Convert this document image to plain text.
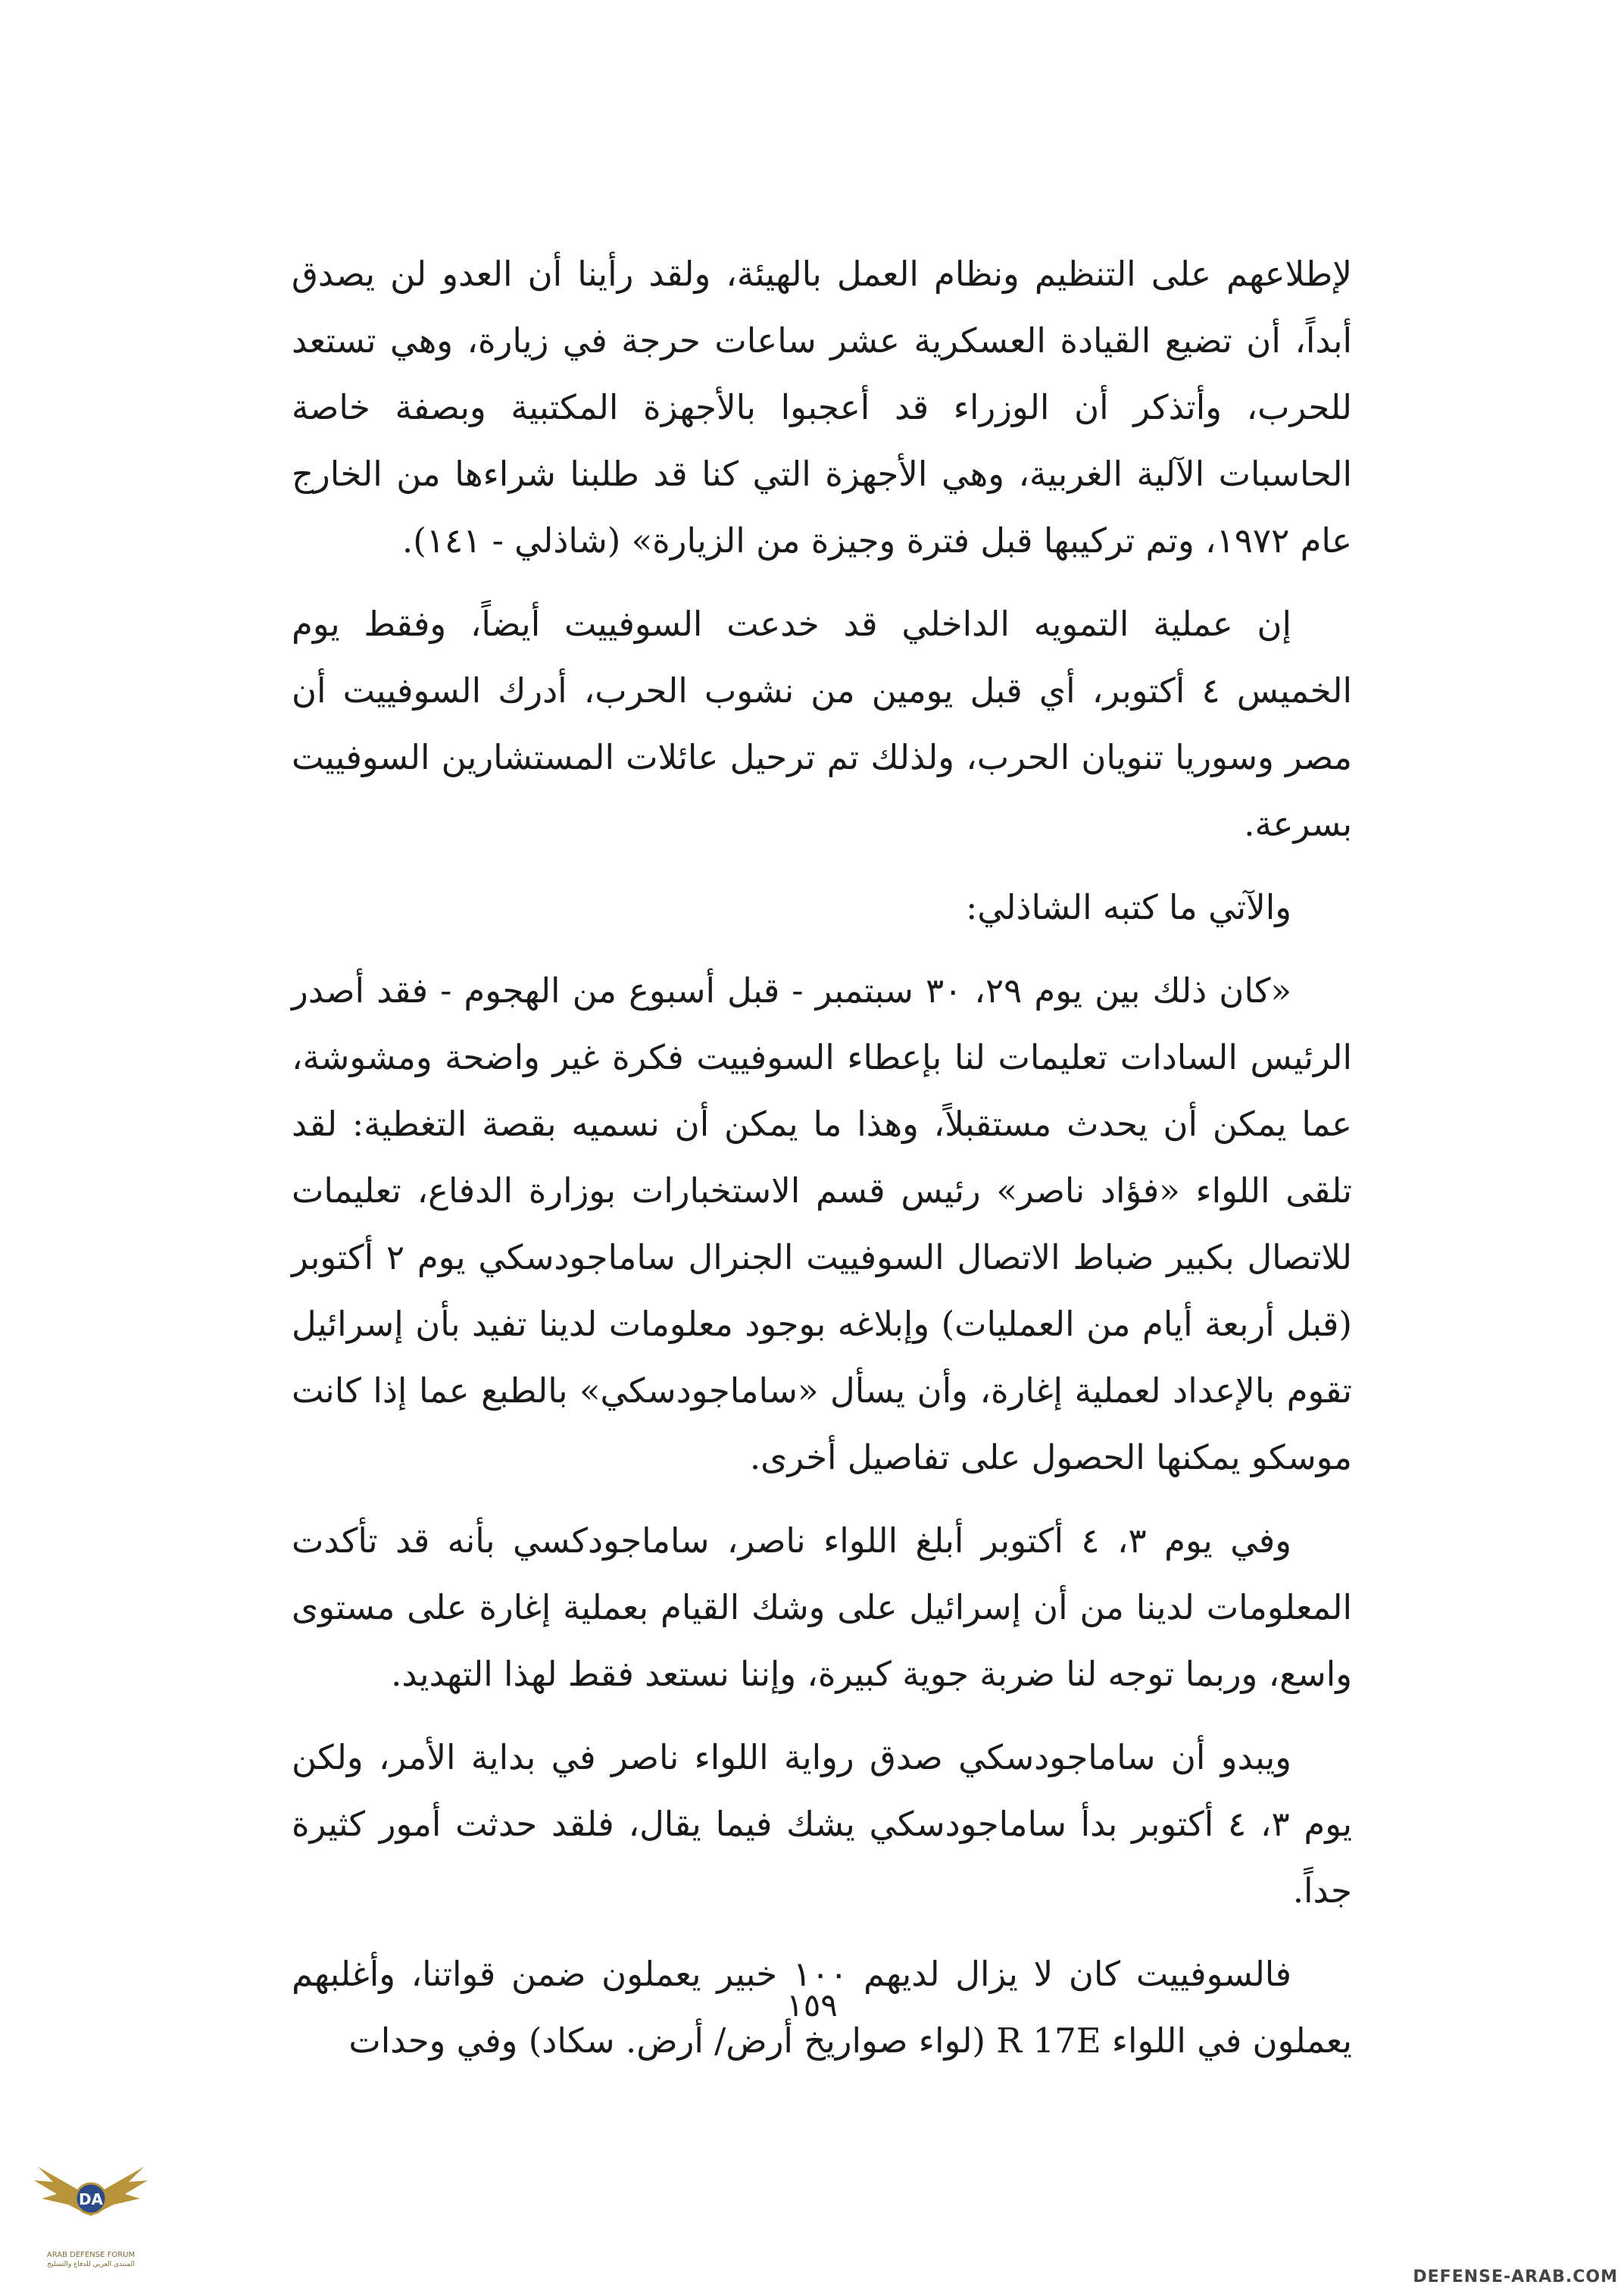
لإطلاعهم على التنظيم ونظام العمل بالهيئة، ولقد رأينا أن العدو لن يصدق أبداً، أن تضيع القيادة العسكرية عشر ساعات حرجة في زيارة، وهي تستعد للحرب، وأتذكر أن الوزراء قد أعجبوا بالأجهزة المكتبية وبصفة خاصة الحاسبات الآلية الغربية، وهي الأجهزة التي كنا قد طلبنا شراءها من الخارج عام ١٩٧٢، وتم تركيبها قبل فترة وجيزة من الزيارة» (شاذلي - ١٤١).

إن عملية التمويه الداخلي قد خدعت السوفييت أيضاً، وفقط يوم الخميس ٤ أكتوبر، أي قبل يومين من نشوب الحرب، أدرك السوفييت أن مصر وسوريا تنويان الحرب، ولذلك تم ترحيل عائلات المستشارين السوفييت بسرعة.

والآتي ما كتبه الشاذلي:

«كان ذلك بين يوم ٢٩، ٣٠ سبتمبر - قبل أسبوع من الهجوم - فقد أصدر الرئيس السادات تعليمات لنا بإعطاء السوفييت فكرة غير واضحة ومشوشة، عما يمكن أن يحدث مستقبلاً، وهذا ما يمكن أن نسميه بقصة التغطية: لقد تلقى اللواء «فؤاد ناصر» رئيس قسم الاستخبارات بوزارة الدفاع، تعليمات للاتصال بكبير ضباط الاتصال السوفييت الجنرال ساماجودسكي يوم ٢ أكتوبر (قبل أربعة أيام من العمليات) وإبلاغه بوجود معلومات لدينا تفيد بأن إسرائيل تقوم بالإعداد لعملية إغارة، وأن يسأل «ساماجودسكي» بالطبع عما إذا كانت موسكو يمكنها الحصول على تفاصيل أخرى.

وفي يوم ٣، ٤ أكتوبر أبلغ اللواء ناصر، ساماجودكسي بأنه قد تأكدت المعلومات لدينا من أن إسرائيل على وشك القيام بعملية إغارة على مستوى واسع، وربما توجه لنا ضربة جوية كبيرة، وإننا نستعد فقط لهذا التهديد.

ويبدو أن ساماجودسكي صدق رواية اللواء ناصر في بداية الأمر، ولكن يوم ٣، ٤ أكتوبر بدأ ساماجودسكي يشك فيما يقال، فلقد حدثت أمور كثيرة جداً.

فالسوفييت كان لا يزال لديهم ١٠٠ خبير يعملون ضمن قواتنا، وأغلبهم يعملون في اللواء R 17E (لواء صواريخ أرض/ أرض. سكاد) وفي وحدات

١٥٩
DA
ARAB DEFENSE FORUM
المنتدى العربي للدفاع والتسليح
DEFENSE-ARAB.COM
